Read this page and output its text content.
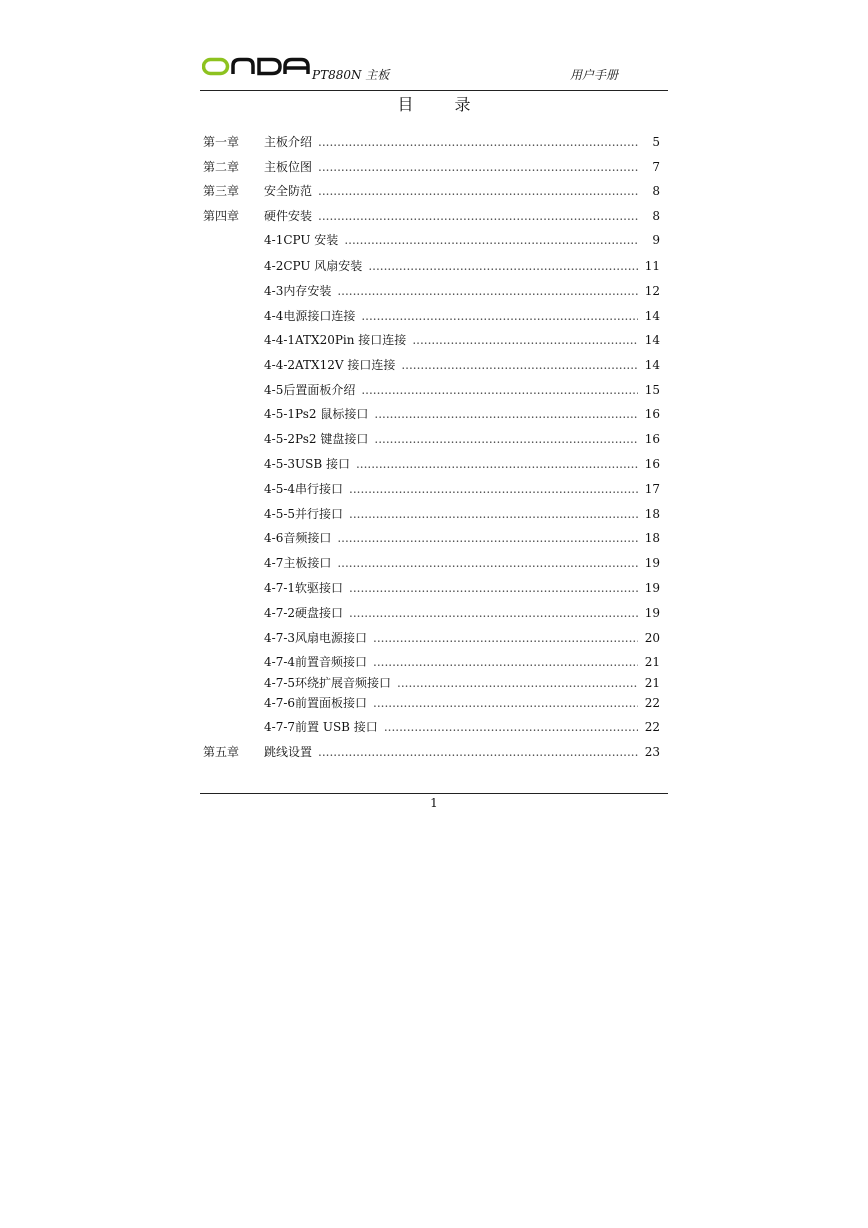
PT880N 主板	用户手册
目 录
第一章 主板介绍 .....	5
第二章 主板位图 .....	7
第三章 安全防范 .....	8
第四章 硬件安装 .....	8
4-1 CPU 安装 .....	9
4-2 CPU 风扇安装 .....	11
4-3 内存安装 .....	12
4-4 电源接口连接 .....	14
4-4-1 ATX20Pin 接口连接 .....	14
4-4-2 ATX12V 接口连接 .....	14
4-5 后置面板介绍 .....	15
4-5-1 Ps2 鼠标接口 .....	16
4-5-2 Ps2 键盘接口 .....	16
4-5-3 USB 接口 .....	16
4-5-4 串行接口 .....	17
4-5-5 并行接口 .....	18
4-6 音频接口 .....	18
4-7 主板接口 .....	19
4-7-1 软驱接口 .....	19
4-7-2 硬盘接口 .....	19
4-7-3 风扇电源接口 .....	20
4-7-4 前置音频接口 .....	21
4-7-5 环绕扩展音频接口 .....	21
4-7-6 前置面板接口 .....	22
4-7-7 前置 USB 接口 .....	22
第五章 跳线设置 .....	23
1
